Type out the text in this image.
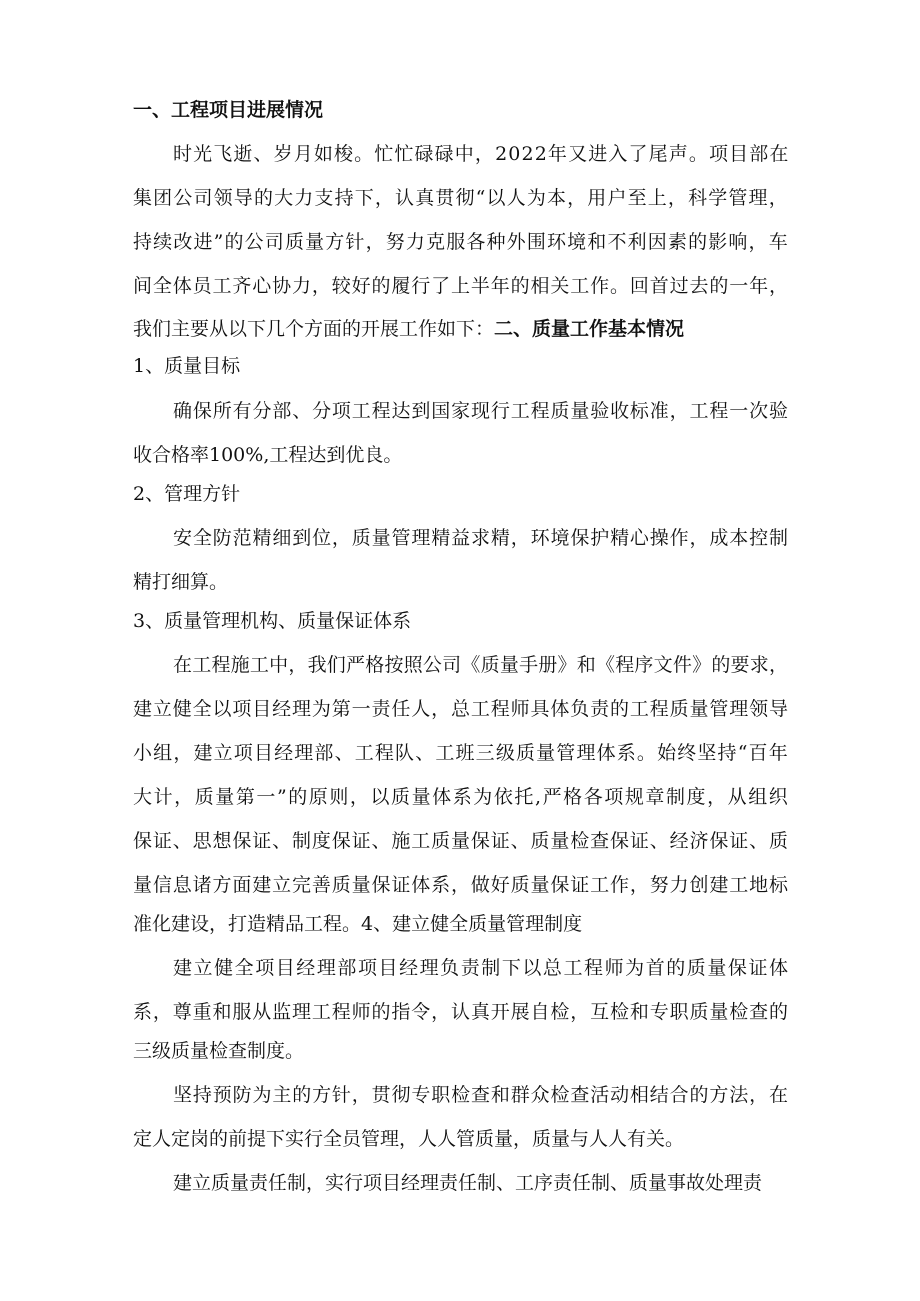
一、工程项目进展情况
时光飞逝、岁月如梭。忙忙碌碌中，2022年又进入了尾声。项目部在
集团公司领导的大力支持下，认真贯彻“以人为本，用户至上，科学管理，
持续改进”的公司质量方针，努力克服各种外围环境和不利因素的影响，车
间全体员工齐心协力，较好的履行了上半年的相关工作。回首过去的一年，
我们主要从以下几个方面的开展工作如下：二、质量工作基本情况
1、质量目标
确保所有分部、分项工程达到国家现行工程质量验收标准，工程一次验
收合格率100%,工程达到优良。
2、管理方针
安全防范精细到位，质量管理精益求精，环境保护精心操作，成本控制
精打细算。
3、质量管理机构、质量保证体系
在工程施工中，我们严格按照公司《质量手册》和《程序文件》的要求，
建立健全以项目经理为第一责任人，总工程师具体负责的工程质量管理领导
小组，建立项目经理部、工程队、工班三级质量管理体系。始终坚持“百年
大计，质量第一”的原则，以质量体系为依托,严格各项规章制度，从组织
保证、思想保证、制度保证、施工质量保证、质量检查保证、经济保证、质
量信息诸方面建立完善质量保证体系，做好质量保证工作，努力创建工地标
准化建设，打造精品工程。4、建立健全质量管理制度
建立健全项目经理部项目经理负责制下以总工程师为首的质量保证体
系，尊重和服从监理工程师的指令，认真开展自检，互检和专职质量检查的
三级质量检查制度。
坚持预防为主的方针，贯彻专职检查和群众检查活动相结合的方法，在
定人定岗的前提下实行全员管理，人人管质量，质量与人人有关。
建立质量责任制，实行项目经理责任制、工序责任制、质量事故处理责
